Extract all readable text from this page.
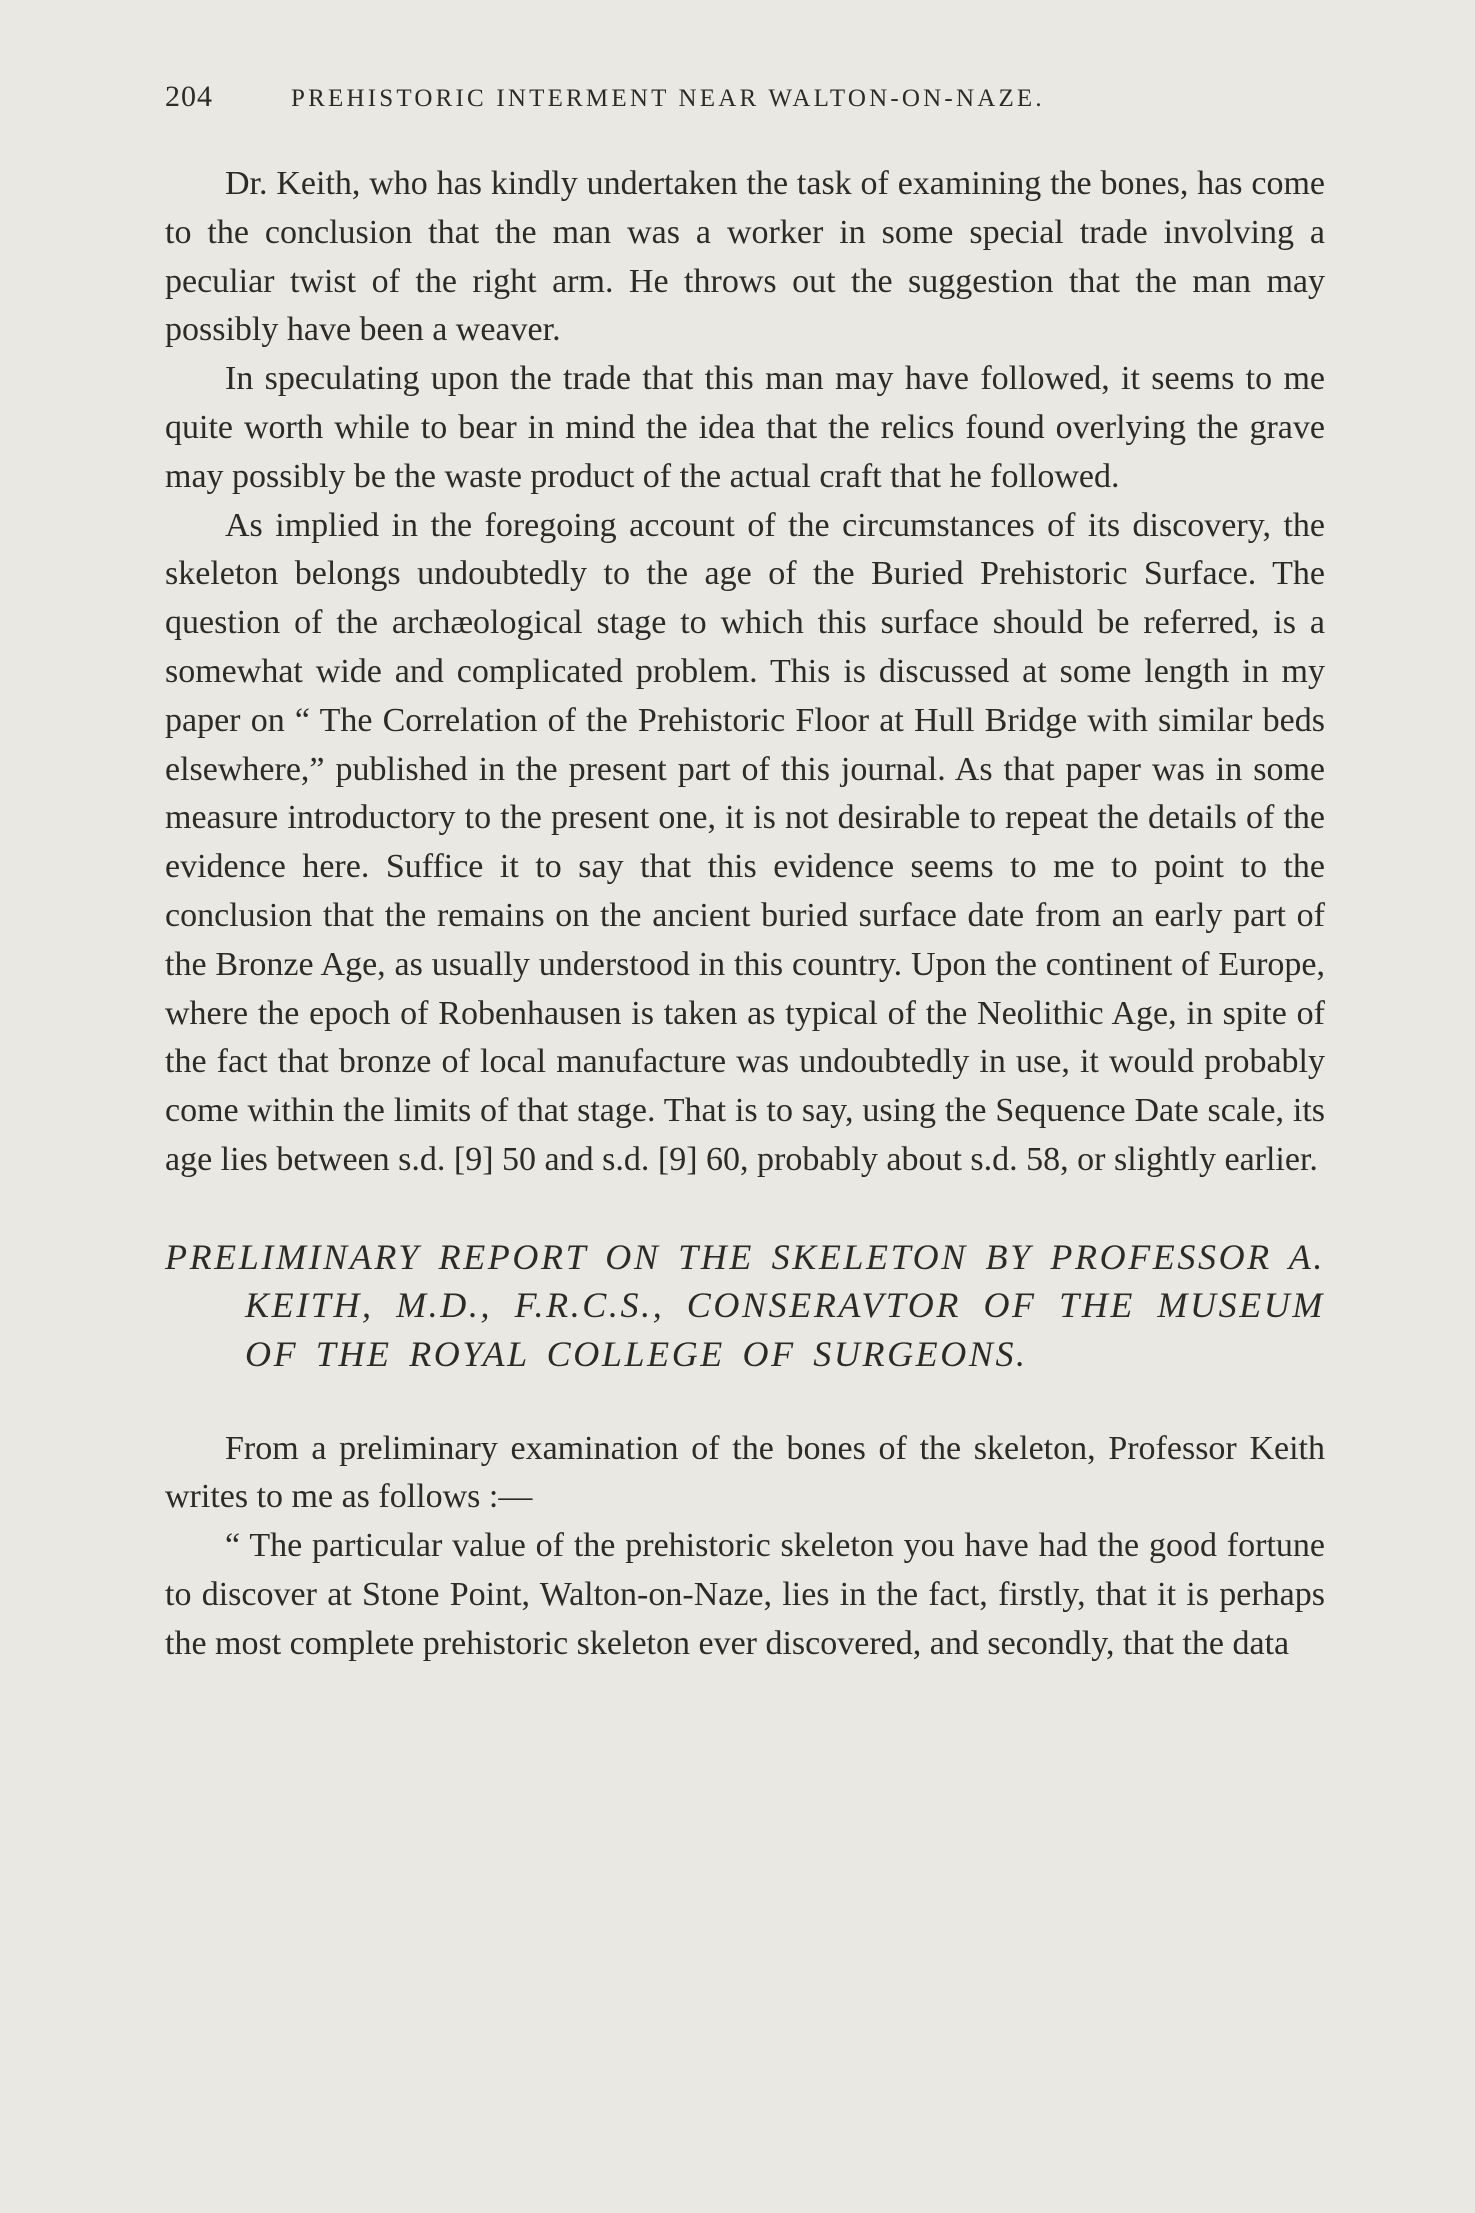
204	PREHISTORIC INTERMENT NEAR WALTON-ON-NAZE.

Dr. Keith, who has kindly undertaken the task of examining the bones, has come to the conclusion that the man was a worker in some special trade involving a peculiar twist of the right arm. He throws out the suggestion that the man may possibly have been a weaver.

In speculating upon the trade that this man may have followed, it seems to me quite worth while to bear in mind the idea that the relics found overlying the grave may possibly be the waste product of the actual craft that he followed.

As implied in the foregoing account of the circumstances of its discovery, the skeleton belongs undoubtedly to the age of the Buried Prehistoric Surface. The question of the archæological stage to which this surface should be referred, is a somewhat wide and complicated problem. This is discussed at some length in my paper on “ The Correlation of the Prehistoric Floor at Hull Bridge with similar beds elsewhere,” published in the present part of this journal. As that paper was in some measure introductory to the present one, it is not desirable to repeat the details of the evidence here. Suffice it to say that this evidence seems to me to point to the conclusion that the remains on the ancient buried surface date from an early part of the Bronze Age, as usually understood in this country. Upon the continent of Europe, where the epoch of Robenhausen is taken as typical of the Neolithic Age, in spite of the fact that bronze of local manufacture was undoubtedly in use, it would probably come within the limits of that stage. That is to say, using the Sequence Date scale, its age lies between s.d. [9] 50 and s.d. [9] 60, probably about s.d. 58, or slightly earlier.

PRELIMINARY REPORT ON THE SKELETON BY PROFESSOR A. KEITH, M.D., F.R.C.S., CONSERAVTOR OF THE MUSEUM OF THE ROYAL COLLEGE OF SURGEONS.

From a preliminary examination of the bones of the skeleton, Professor Keith writes to me as follows :—

“ The particular value of the prehistoric skeleton you have had the good fortune to discover at Stone Point, Walton-on-Naze, lies in the fact, firstly, that it is perhaps the most complete prehistoric skeleton ever discovered, and secondly, that the data
